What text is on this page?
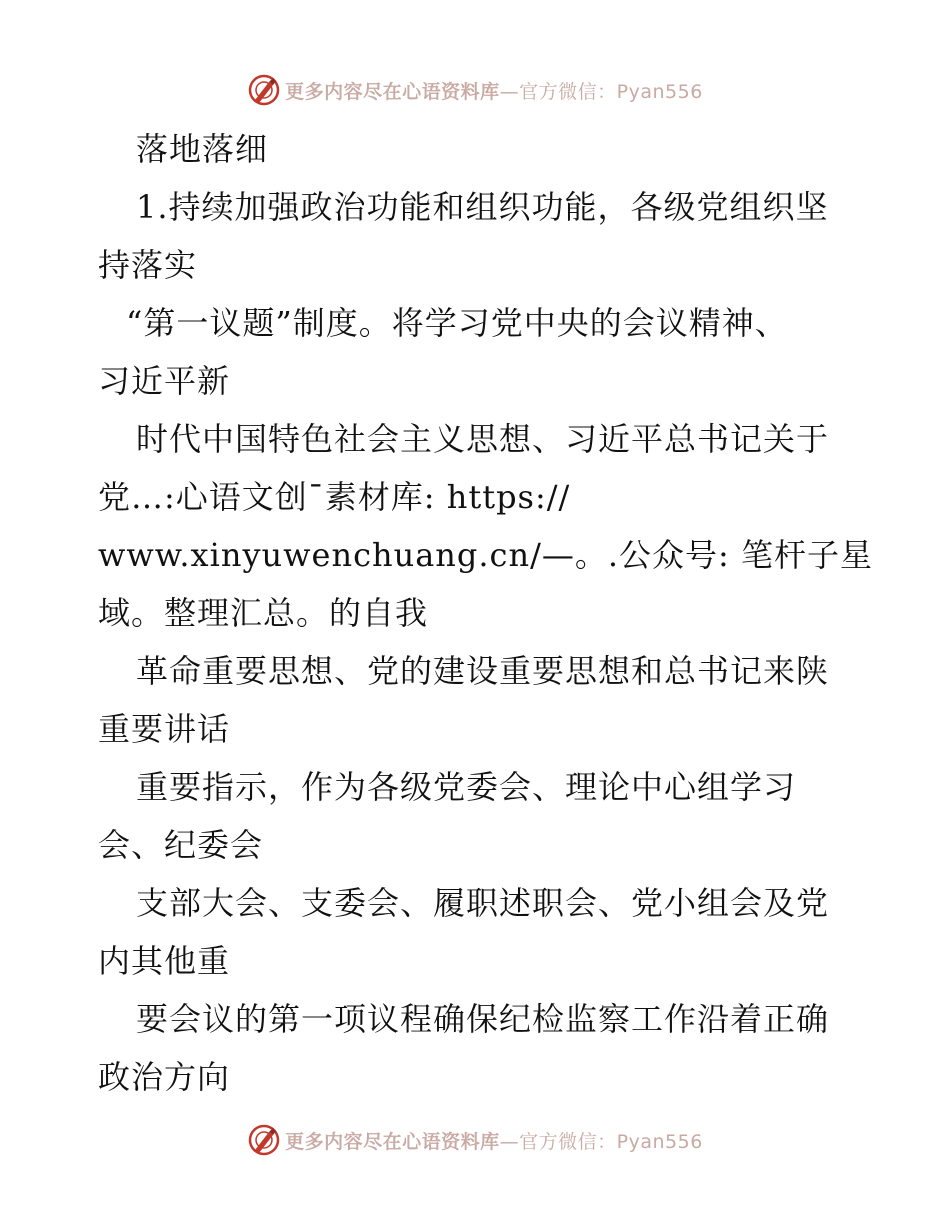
更多内容尽在心语资料库—官方微信：Pyan556
落地落细
1.持续加强政治功能和组织功能，各级党组织坚
持落实
“第一议题”制度。将学习党中央的会议精神、
习近平新
时代中国特色社会主义思想、习近平总书记关于
党…:心语文创¯素材库: https://
www.xinyuwenchuang.cn/—。.公众号: 笔杆子星
域。整理汇总。的自我
革命重要思想、党的建设重要思想和总书记来陕
重要讲话
重要指示，作为各级党委会、理论中心组学习
会、纪委会
支部大会、支委会、履职述职会、党小组会及党
内其他重
要会议的第一项议程确保纪检监察工作沿着正确
政治方向
更多内容尽在心语资料库—官方微信：Pyan556
